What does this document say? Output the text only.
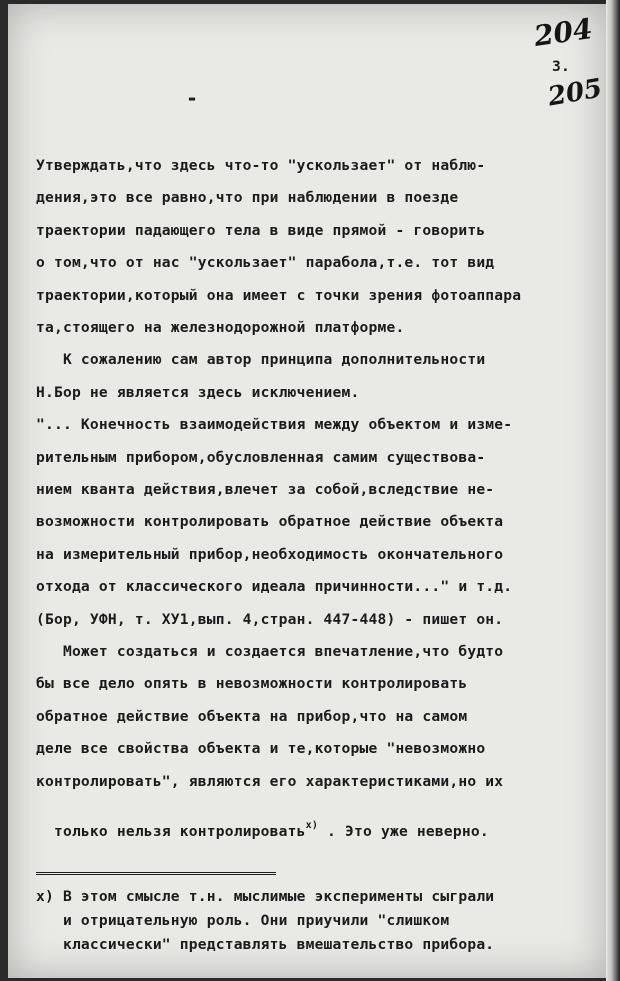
204
3.
205
-
Утверждать,что здесь что-то "ускользает" от наблю-
дения,это все равно,что при наблюдении в поезде
траектории падающего тела в виде прямой - говорить
о том,что от нас "ускользает" парабола,т.е. тот вид
траектории,который она имеет с точки зрения фотоаппара
та,стоящего на железнодорожной платформе.
К сожалению сам автор принципа дополнительности
Н.Бор не является здесь исключением.
"... Конечность взаимодействия между объектом и изме-
рительным прибором,обусловленная самим существова-
нием кванта действия,влечет за собой,вследствие не-
возможности контролировать обратное действие объекта
на измерительный прибор,необходимость окончательного
отхода от классического идеала причинности..." и т.д.
(Бор, УФН, т. ХУ1,вып. 4,стран. 447-448) - пишет он.
Может создаться и создается впечатление,что будто
бы все дело опять в невозможности контролировать
обратное действие объекта на прибор,что на самом
деле все свойства объекта и те,которые "невозможно
контролировать", являются его характеристиками,но их

только нельзя контролировать$^{х)}$ . Это уже неверно.

х) В этом смысле т.н. мыслимые эксперименты сыграли
и отрицательную роль. Они приучили "слишком
классически" представлять вмешательство прибора.
